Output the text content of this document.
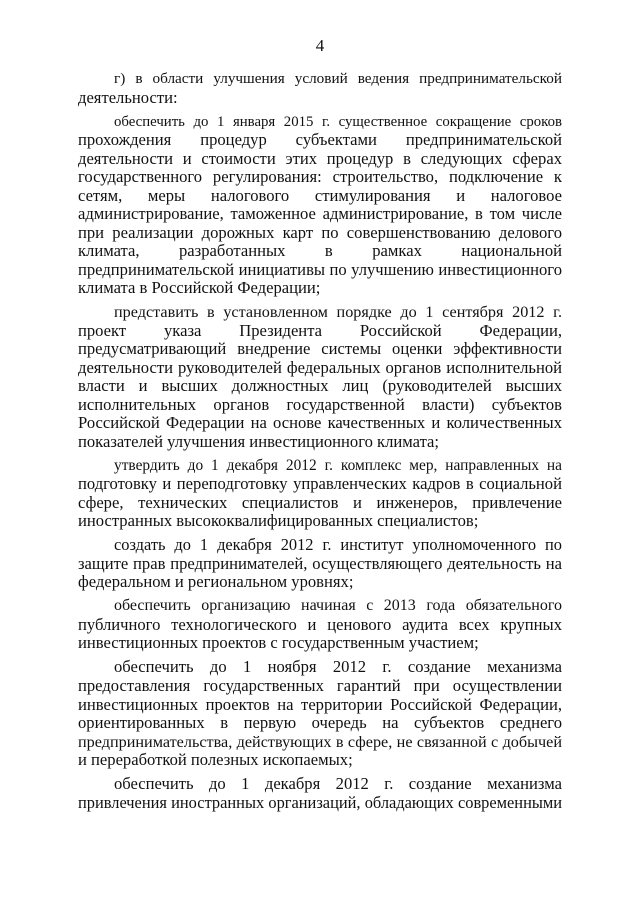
4
г) в области улучшения условий ведения предпринимательской
деятельности:
обеспечить до 1 января 2015 г. существенное сокращение сроков
прохождения процедур субъектами предпринимательской
деятельности и стоимости этих процедур в следующих сферах
государственного регулирования: строительство, подключение к
сетям, меры налогового стимулирования и налоговое
администрирование, таможенное администрирование, в том числе
при реализации дорожных карт по совершенствованию делового
климата, разработанных в рамках национальной
предпринимательской инициативы по улучшению инвестиционного
климата в Российской Федерации;
представить в установленном порядке до 1 сентября 2012 г.
проект указа Президента Российской Федерации,
предусматривающий внедрение системы оценки эффективности
деятельности руководителей федеральных органов исполнительной
власти и высших должностных лиц (руководителей высших
исполнительных органов государственной власти) субъектов
Российской Федерации на основе качественных и количественных
показателей улучшения инвестиционного климата;
утвердить до 1 декабря 2012 г. комплекс мер, направленных на
подготовку и переподготовку управленческих кадров в социальной
сфере, технических специалистов и инженеров, привлечение
иностранных высококвалифицированных специалистов;
создать до 1 декабря 2012 г. институт уполномоченного по
защите прав предпринимателей, осуществляющего деятельность на
федеральном и региональном уровнях;
обеспечить организацию начиная с 2013 года обязательного
публичного технологического и ценового аудита всех крупных
инвестиционных проектов с государственным участием;
обеспечить до 1 ноября 2012 г. создание механизма
предоставления государственных гарантий при осуществлении
инвестиционных проектов на территории Российской Федерации,
ориентированных в первую очередь на субъектов среднего
предпринимательства, действующих в сфере, не связанной с добычей
и переработкой полезных ископаемых;
обеспечить до 1 декабря 2012 г. создание механизма
привлечения иностранных организаций, обладающих современными
